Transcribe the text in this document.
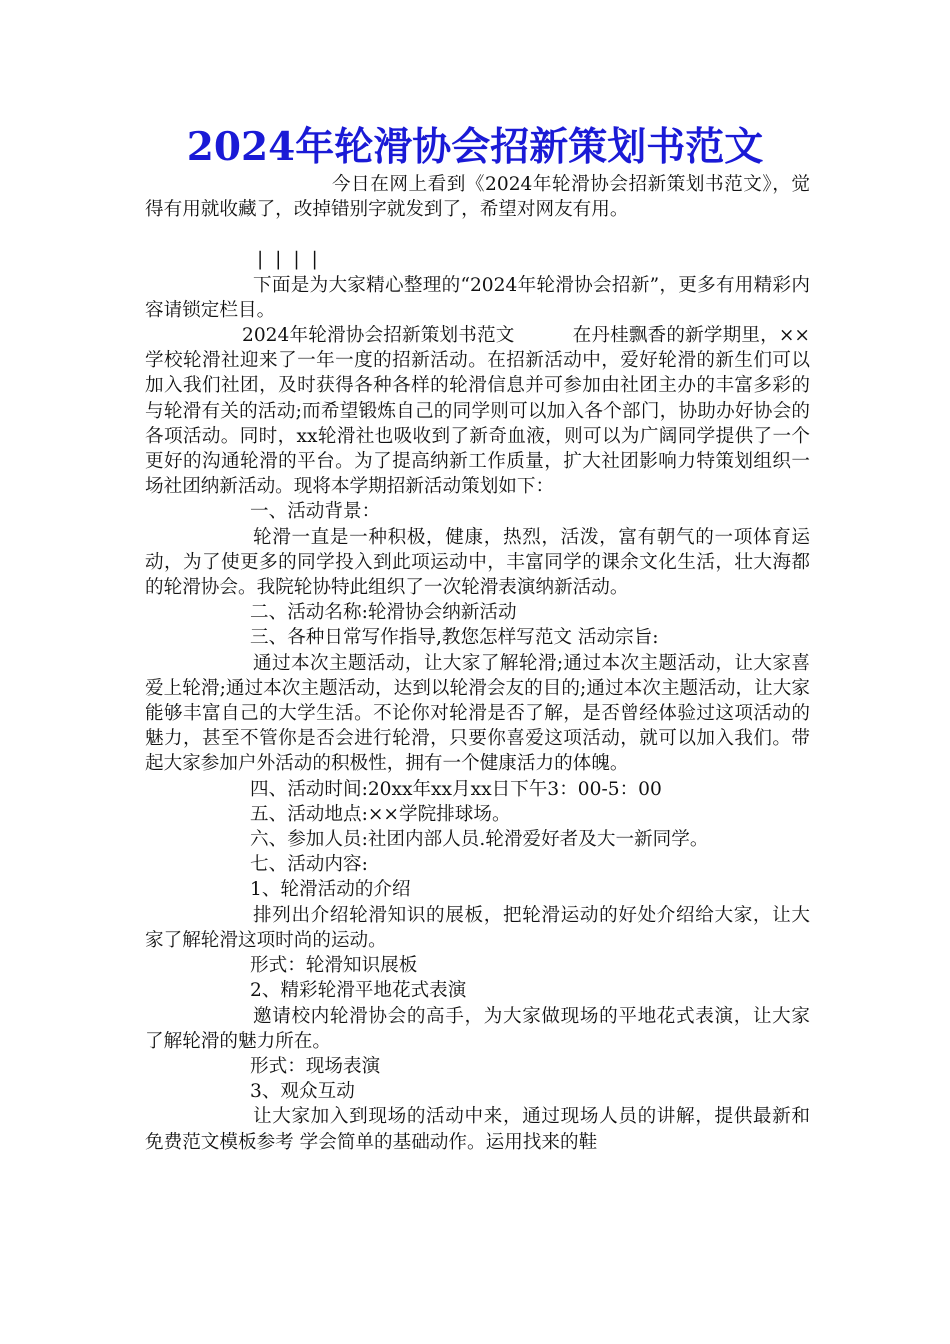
2024年轮滑协会招新策划书范文

今日在网上看到《2024年轮滑协会招新策划书范文》，觉得有用就收藏了，改掉错别字就发到了，希望对网友有用。

| | | |

下面是为大家精心整理的“2024年轮滑协会招新”，更多有用精彩内容请锁定栏目。

2024年轮滑协会招新策划书范文	在丹桂飘香的新学期里，××学校轮滑社迎来了一年一度的招新活动。在招新活动中，爱好轮滑的新生们可以加入我们社团，及时获得各种各样的轮滑信息并可参加由社团主办的丰富多彩的与轮滑有关的活动;而希望锻炼自己的同学则可以加入各个部门，协助办好协会的各项活动。同时，xx轮滑社也吸收到了新奇血液，则可以为广阔同学提供了一个更好的沟通轮滑的平台。为了提高纳新工作质量，扩大社团影响力特策划组织一场社团纳新活动。现将本学期招新活动策划如下：

一、活动背景：

轮滑一直是一种积极，健康，热烈，活泼，富有朝气的一项体育运动，为了使更多的同学投入到此项运动中，丰富同学的课余文化生活，壮大海都的轮滑协会。我院轮协特此组织了一次轮滑表演纳新活动。

二、活动名称:轮滑协会纳新活动

三、各种日常写作指导,教您怎样写范文 活动宗旨:

通过本次主题活动，让大家了解轮滑;通过本次主题活动，让大家喜爱上轮滑;通过本次主题活动，达到以轮滑会友的目的;通过本次主题活动，让大家能够丰富自己的大学生活。不论你对轮滑是否了解，是否曾经体验过这项活动的魅力，甚至不管你是否会进行轮滑，只要你喜爱这项活动，就可以加入我们。带起大家参加户外活动的积极性，拥有一个健康活力的体魄。

四、活动时间:20xx年xx月xx日下午3：00-5：00

五、活动地点:××学院排球场。

六、参加人员:社团内部人员.轮滑爱好者及大一新同学。

七、活动内容:

1、轮滑活动的介绍

排列出介绍轮滑知识的展板，把轮滑运动的好处介绍给大家，让大家了解轮滑这项时尚的运动。

形式：轮滑知识展板

2、精彩轮滑平地花式表演

邀请校内轮滑协会的高手，为大家做现场的平地花式表演，让大家了解轮滑的魅力所在。

形式：现场表演

3、观众互动

让大家加入到现场的活动中来，通过现场人员的讲解，提供最新和免费范文模板参考 学会简单的基础动作。运用找来的鞋
